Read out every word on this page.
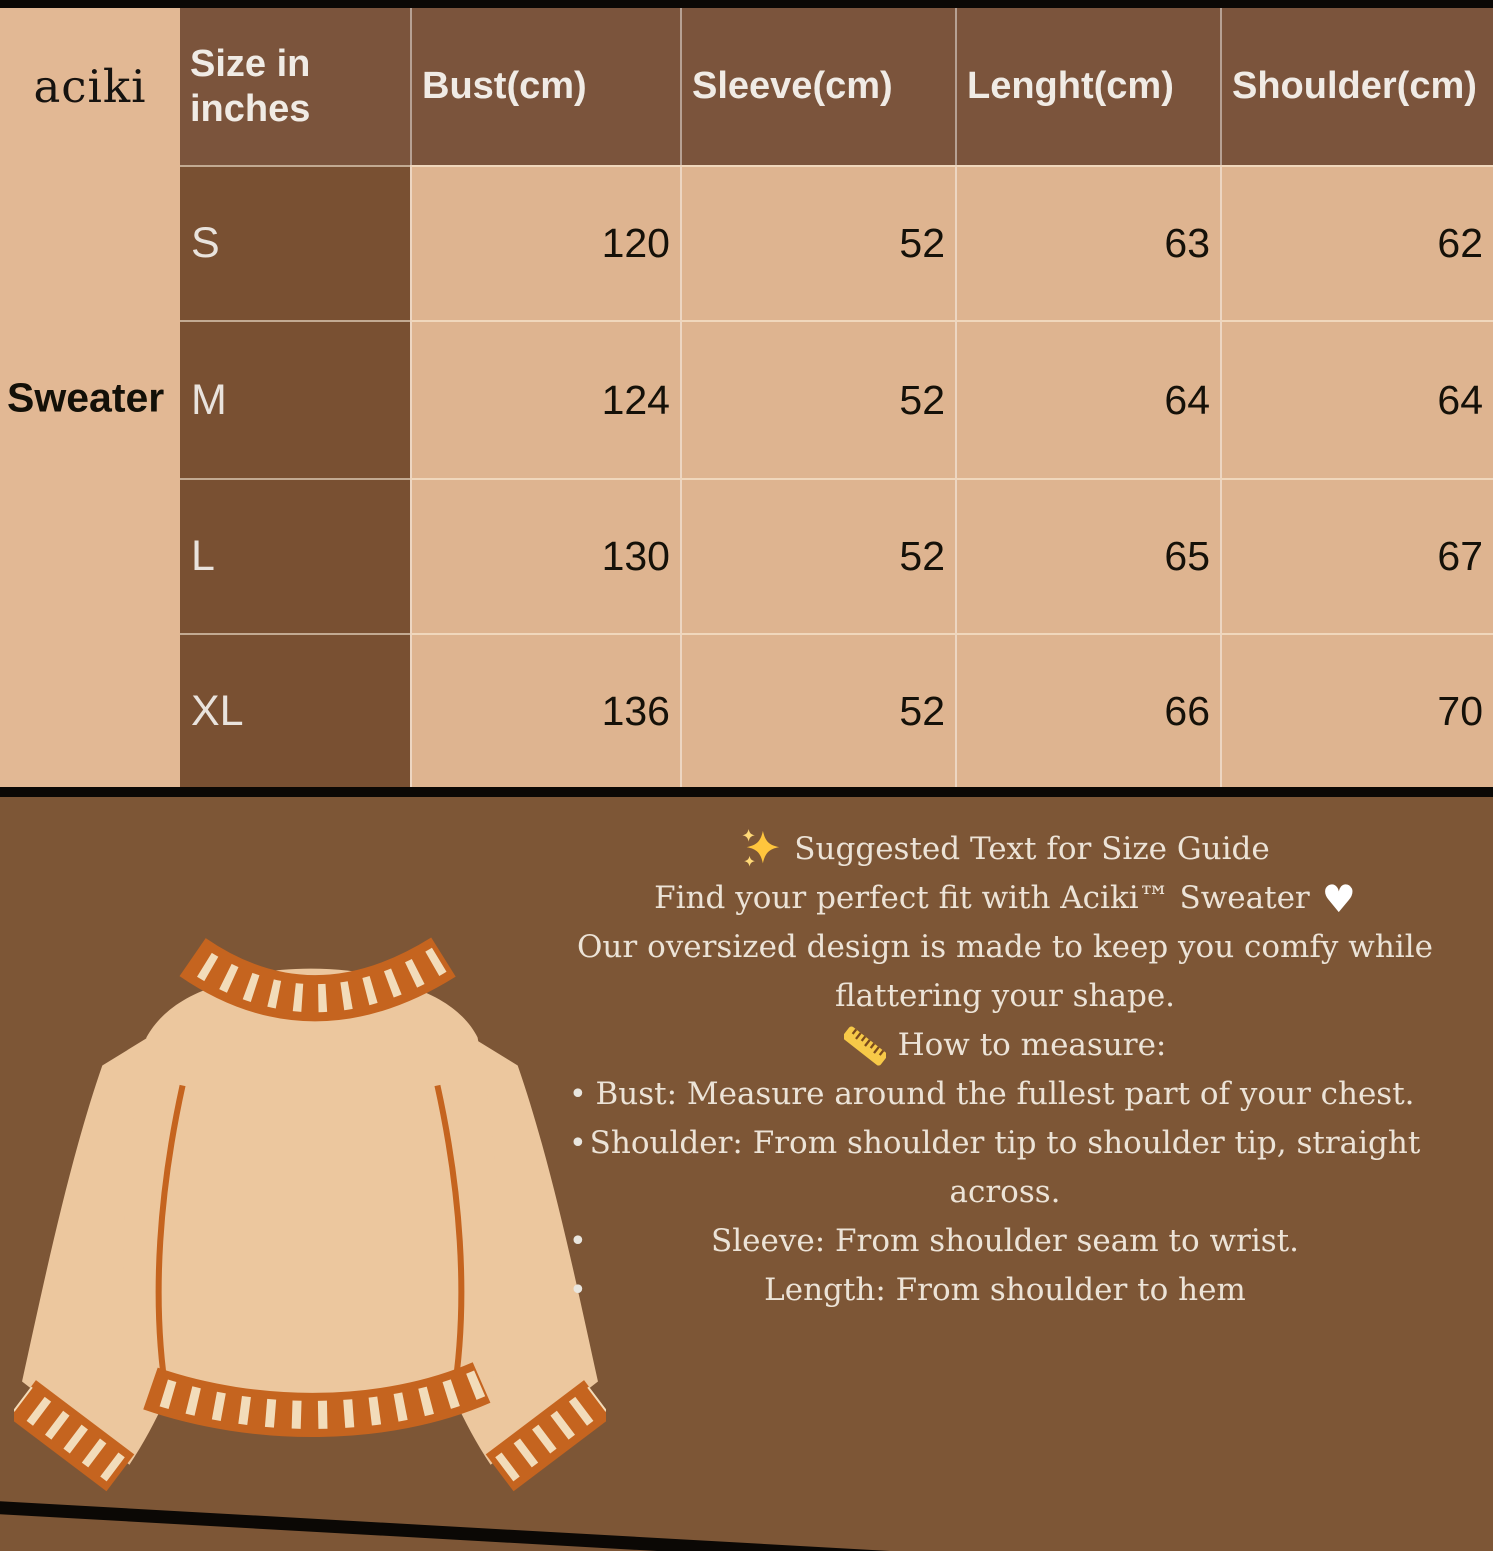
aciki
Sweater
Size in inches
Bust(cm)	Sleeve(cm)	Lenght(cm)	Shoulder(cm)
S	120	52	63	62
M	124	52	64	64
L	130	52	65	67
XL	136	52	66	70

Suggested Text for Size Guide

Find your perfect fit with Aciki™ Sweater ♥

Our oversized design is made to keep you comfy while flattering your shape.

How to measure:

• Bust: Measure around the fullest part of your chest.
• Shoulder: From shoulder tip to shoulder tip, straight across.
• Sleeve: From shoulder seam to wrist.
• Length: From shoulder to hem
